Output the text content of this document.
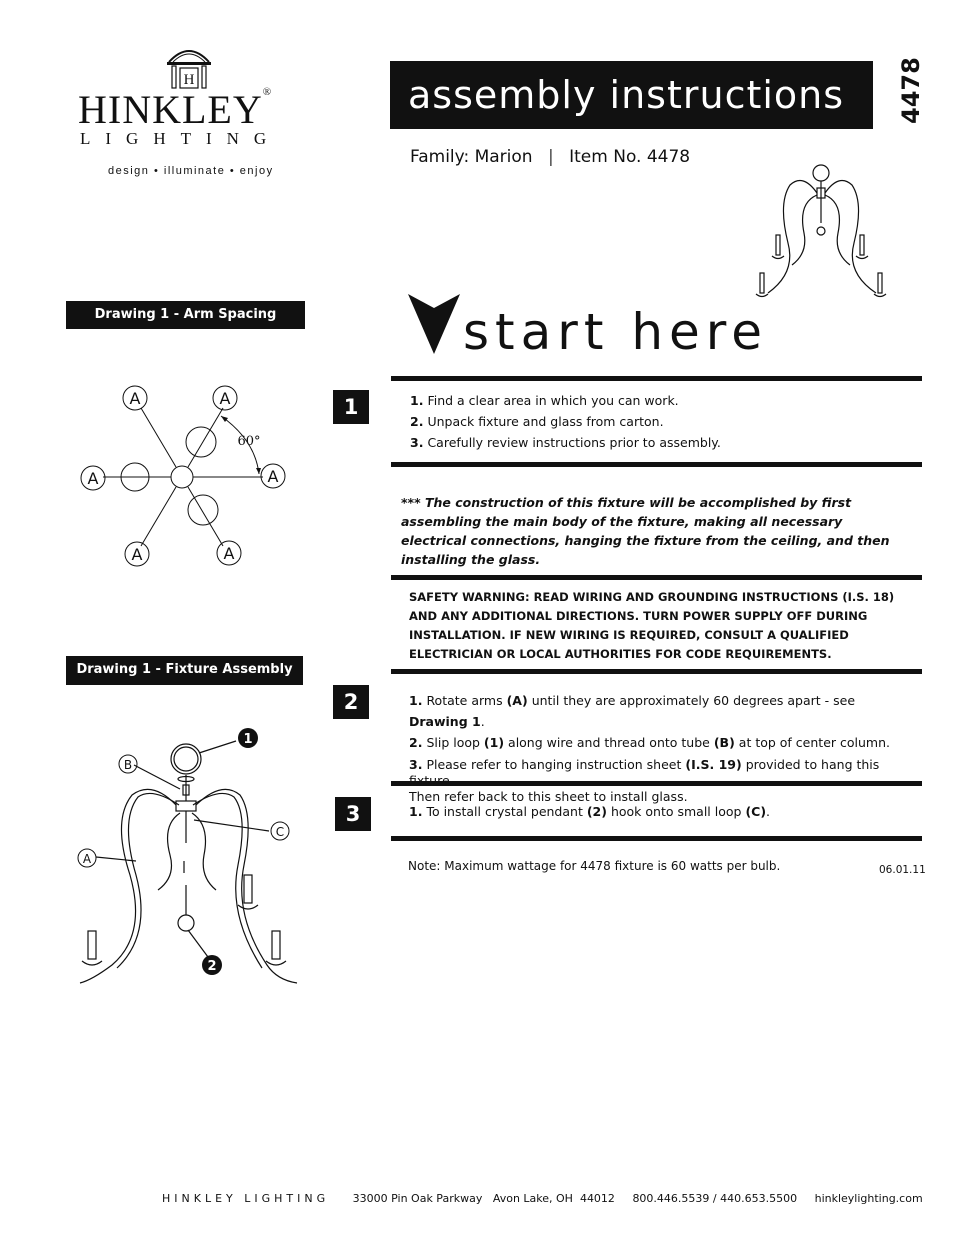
H
HINKLEY®
LIGHTING
design • illuminate • enjoy
assembly instructions	4478
Family: Marion | Item No. 4478
start here
Drawing 1 - Arm Spacing
A	A
A	A
A	A
60°
Drawing 1 - Fixture Assembly
1
2
B
C
A
1	1. Find a clear area in which you can work.
2. Unpack fixture and glass from carton.
3. Carefully review instructions prior to assembly.
*** The construction of this fixture will be accomplished by first assembling the main body of the fixture, making all necessary electrical connections, hanging the fixture from the ceiling, and then installing the glass.
SAFETY WARNING: READ WIRING AND GROUNDING INSTRUCTIONS (I.S. 18)
AND ANY ADDITIONAL DIRECTIONS. TURN POWER SUPPLY OFF DURING
INSTALLATION. IF NEW WIRING IS REQUIRED, CONSULT A QUALIFIED
ELECTRICIAN OR LOCAL AUTHORITIES FOR CODE REQUIREMENTS.
2	1. Rotate arms (A) until they are approximately 60 degrees apart - see Drawing 1.
2. Slip loop (1) along wire and thread onto tube (B) at top of center column.
3. Please refer to hanging instruction sheet (I.S. 19) provided to hang this
Then refer back to this sheet to install glass.
3	1. To install crystal pendant (2) hook onto small loop (C).
Note: Maximum wattage for 4478 fixture is 60 watts per bulb.	06.01.11
HINKLEY LIGHTING 33000 Pin Oak Parkway   Avon Lake, OH  44012 800.446.5539 / 440.653.5500 hinkleylighting.com
